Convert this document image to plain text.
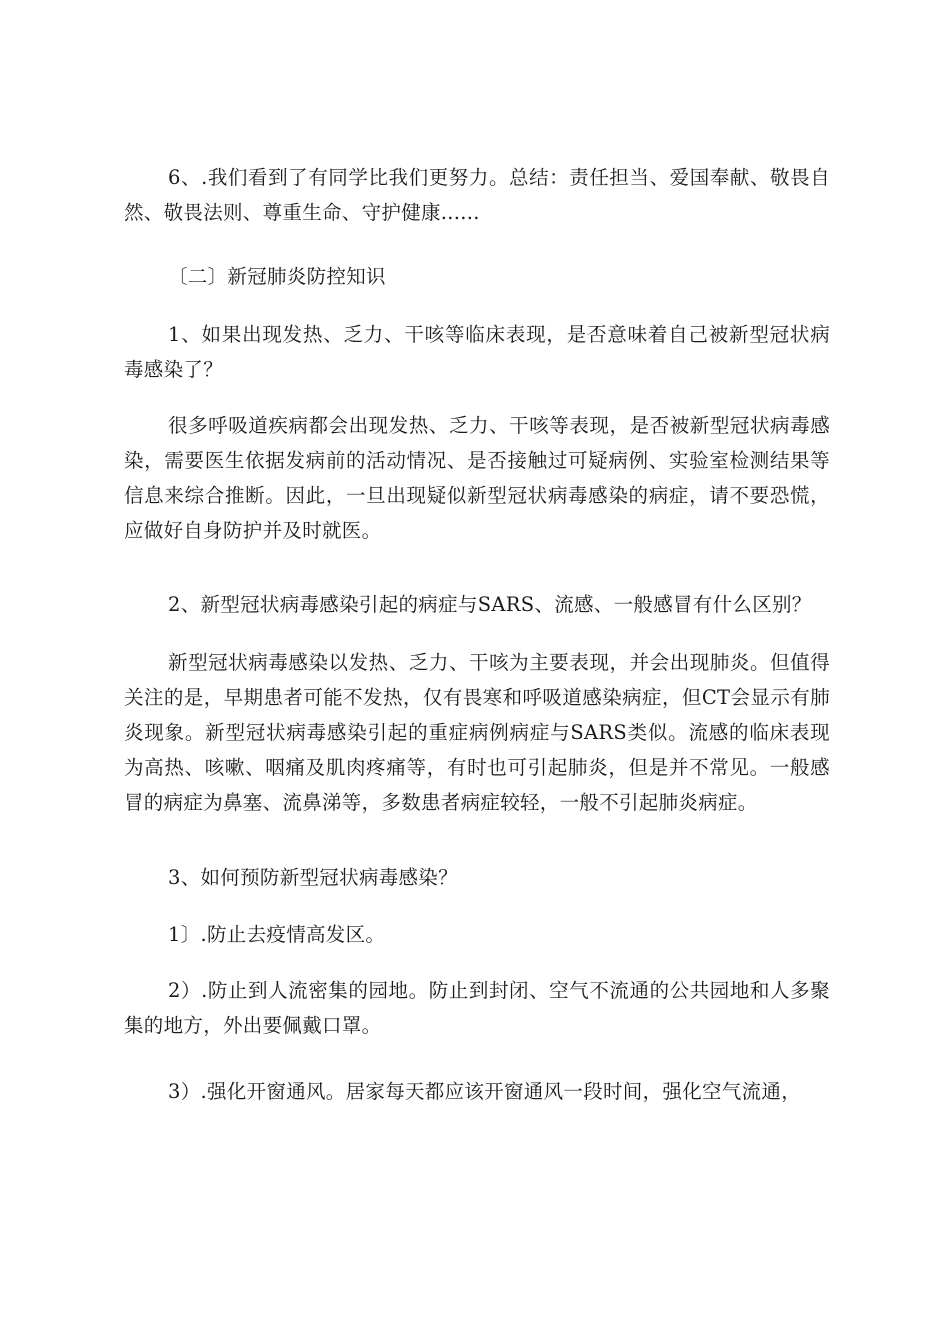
6、.我们看到了有同学比我们更努力。总结：责任担当、爱国奉献、敬畏自然、敬畏法则、尊重生命、守护健康......

〔二〕新冠肺炎防控知识

1、如果出现发热、乏力、干咳等临床表现，是否意味着自己被新型冠状病毒感染了？

很多呼吸道疾病都会出现发热、乏力、干咳等表现，是否被新型冠状病毒感染，需要医生依据发病前的活动情况、是否接触过可疑病例、实验室检测结果等信息来综合推断。因此，一旦出现疑似新型冠状病毒感染的病症，请不要恐慌，应做好自身防护并及时就医。

2、新型冠状病毒感染引起的病症与SARS、流感、一般感冒有什么区别？

新型冠状病毒感染以发热、乏力、干咳为主要表现，并会出现肺炎。但值得关注的是，早期患者可能不发热，仅有畏寒和呼吸道感染病症，但CT会显示有肺炎现象。新型冠状病毒感染引起的重症病例病症与SARS类似。流感的临床表现为高热、咳嗽、咽痛及肌肉疼痛等，有时也可引起肺炎，但是并不常见。一般感冒的病症为鼻塞、流鼻涕等，多数患者病症较轻，一般不引起肺炎病症。

3、如何预防新型冠状病毒感染？

1〕.防止去疫情高发区。

2）.防止到人流密集的园地。防止到封闭、空气不流通的公共园地和人多聚集的地方，外出要佩戴口罩。

3）.强化开窗通风。居家每天都应该开窗通风一段时间，强化空气流通，
